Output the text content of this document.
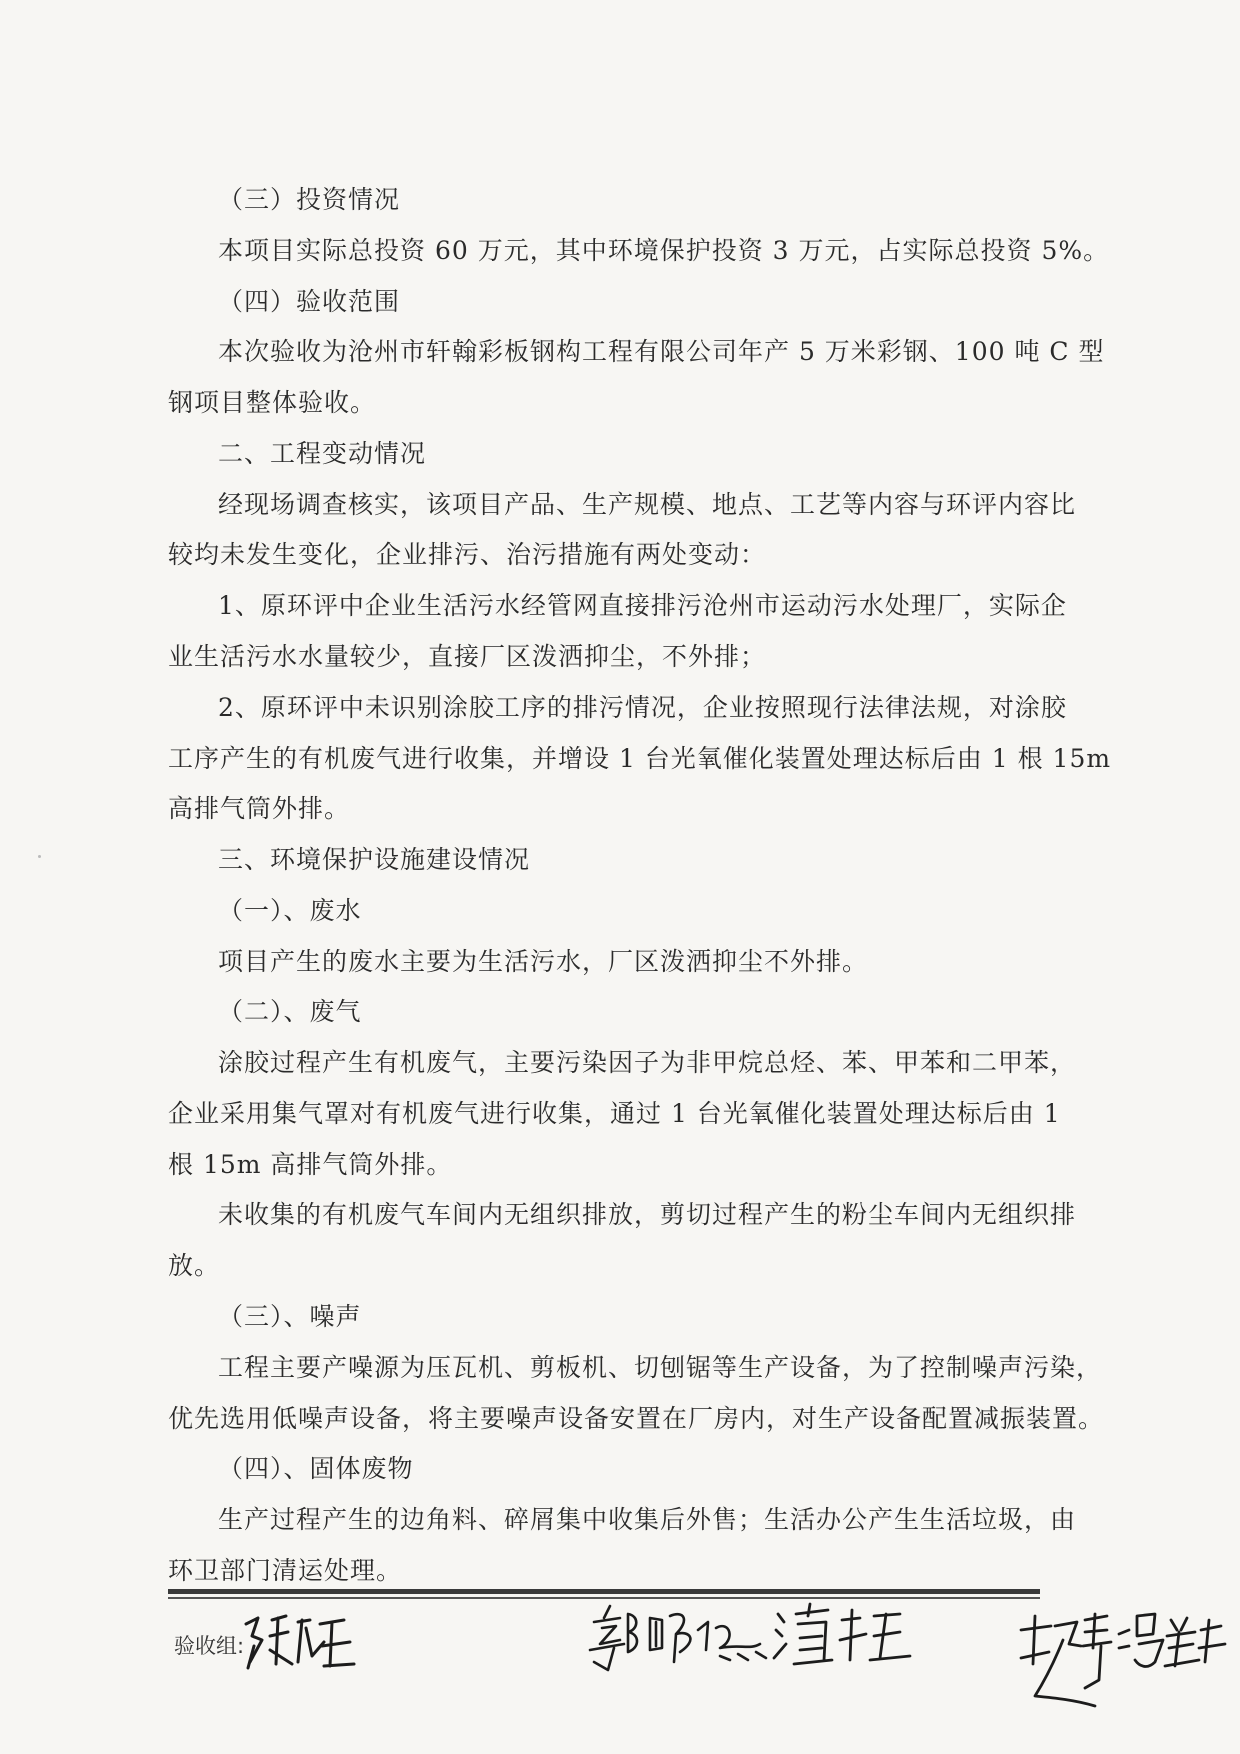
（三）投资情况
本项目实际总投资 60 万元，其中环境保护投资 3 万元，占实际总投资 5%。
（四）验收范围
本次验收为沧州市轩翰彩板钢构工程有限公司年产 5 万米彩钢、100 吨 C 型
钢项目整体验收。
二、工程变动情况
经现场调查核实，该项目产品、生产规模、地点、工艺等内容与环评内容比
较均未发生变化，企业排污、治污措施有两处变动：
1、原环评中企业生活污水经管网直接排污沧州市运动污水处理厂，实际企
业生活污水水量较少，直接厂区泼洒抑尘，不外排；
2、原环评中未识别涂胶工序的排污情况，企业按照现行法律法规，对涂胶
工序产生的有机废气进行收集，并增设 1 台光氧催化装置处理达标后由 1 根 15m
高排气筒外排。
三、环境保护设施建设情况
（一）、废水
项目产生的废水主要为生活污水，厂区泼洒抑尘不外排。
（二）、废气
涂胶过程产生有机废气，主要污染因子为非甲烷总烃、苯、甲苯和二甲苯，
企业采用集气罩对有机废气进行收集，通过 1 台光氧催化装置处理达标后由 1
根 15m 高排气筒外排。
未收集的有机废气车间内无组织排放，剪切过程产生的粉尘车间内无组织排
放。
（三）、噪声
工程主要产噪源为压瓦机、剪板机、切刨锯等生产设备，为了控制噪声污染，
优先选用低噪声设备，将主要噪声设备安置在厂房内，对生产设备配置减振装置。
（四）、固体废物
生产过程产生的边角料、碎屑集中收集后外售；生活办公产生生活垃圾，由
环卫部门清运处理。
验收组:
